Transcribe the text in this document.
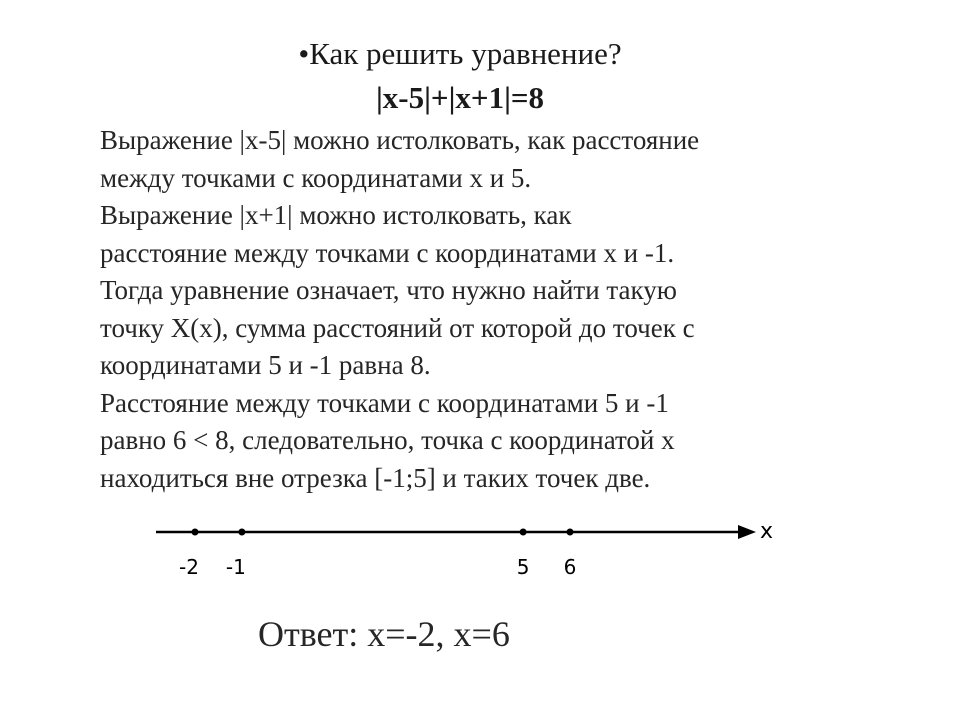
•Как решить уравнение?
|x-5|+|x+1|=8
Выражение |x-5| можно истолковать, как расстояние
между точками с координатами x и 5.
Выражение |x+1| можно истолковать, как
расстояние между точками с координатами x и -1.
Тогда уравнение означает, что нужно найти такую
точку X(x), сумма расстояний от которой до точек с
координатами 5 и -1 равна 8.
Расстояние между точками с координатами 5 и -1
равно 6 < 8, следовательно, точка с координатой x
находиться вне отрезка [-1;5] и таких точек две.
x
-2 -1	5 6
Ответ: x=-2, x=6
